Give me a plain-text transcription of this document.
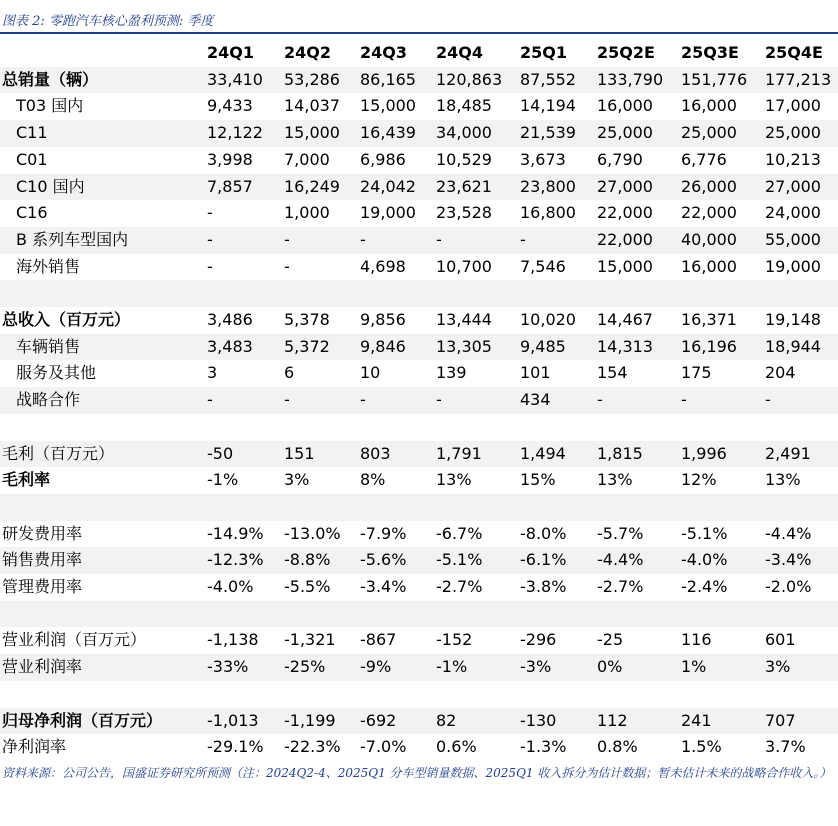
图表 2: 零跑汽车核心盈利预测: 季度
	24Q1	24Q2	24Q3	24Q4	25Q1	25Q2E	25Q3E	25Q4E
总销量（辆）	33,410	53,286	86,165	120,863	87,552	133,790	151,776	177,213
T03 国内	9,433	14,037	15,000	18,485	14,194	16,000	16,000	17,000
C11	12,122	15,000	16,439	34,000	21,539	25,000	25,000	25,000
C01	3,998	7,000	6,986	10,529	3,673	6,790	6,776	10,213
C10 国内	7,857	16,249	24,042	23,621	23,800	27,000	26,000	27,000
C16	-	1,000	19,000	23,528	16,800	22,000	22,000	24,000
B 系列车型国内	-	-	-	-	-	22,000	40,000	55,000
海外销售	-	-	4,698	10,700	7,546	15,000	16,000	19,000

总收入（百万元）	3,486	5,378	9,856	13,444	10,020	14,467	16,371	19,148
车辆销售	3,483	5,372	9,846	13,305	9,485	14,313	16,196	18,944
服务及其他	3	6	10	139	101	154	175	204
战略合作	-	-	-	-	434	-	-	-

毛利（百万元）	-50	151	803	1,791	1,494	1,815	1,996	2,491
毛利率	-1%	3%	8%	13%	15%	13%	12%	13%

研发费用率	-14.9%	-13.0%	-7.9%	-6.7%	-8.0%	-5.7%	-5.1%	-4.4%
销售费用率	-12.3%	-8.8%	-5.6%	-5.1%	-6.1%	-4.4%	-4.0%	-3.4%
管理费用率	-4.0%	-5.5%	-3.4%	-2.7%	-3.8%	-2.7%	-2.4%	-2.0%

营业利润（百万元）	-1,138	-1,321	-867	-152	-296	-25	116	601
营业利润率	-33%	-25%	-9%	-1%	-3%	0%	1%	3%

归母净利润（百万元）	-1,013	-1,199	-692	82	-130	112	241	707
净利润率	-29.1%	-22.3%	-7.0%	0.6%	-1.3%	0.8%	1.5%	3.7%
资料来源：公司公告，国盛证券研究所预测（注：2024Q2-4、2025Q1 分车型销量数据、2025Q1 收入拆分为估计数据；暂未估计未来的战略合作收入。）
